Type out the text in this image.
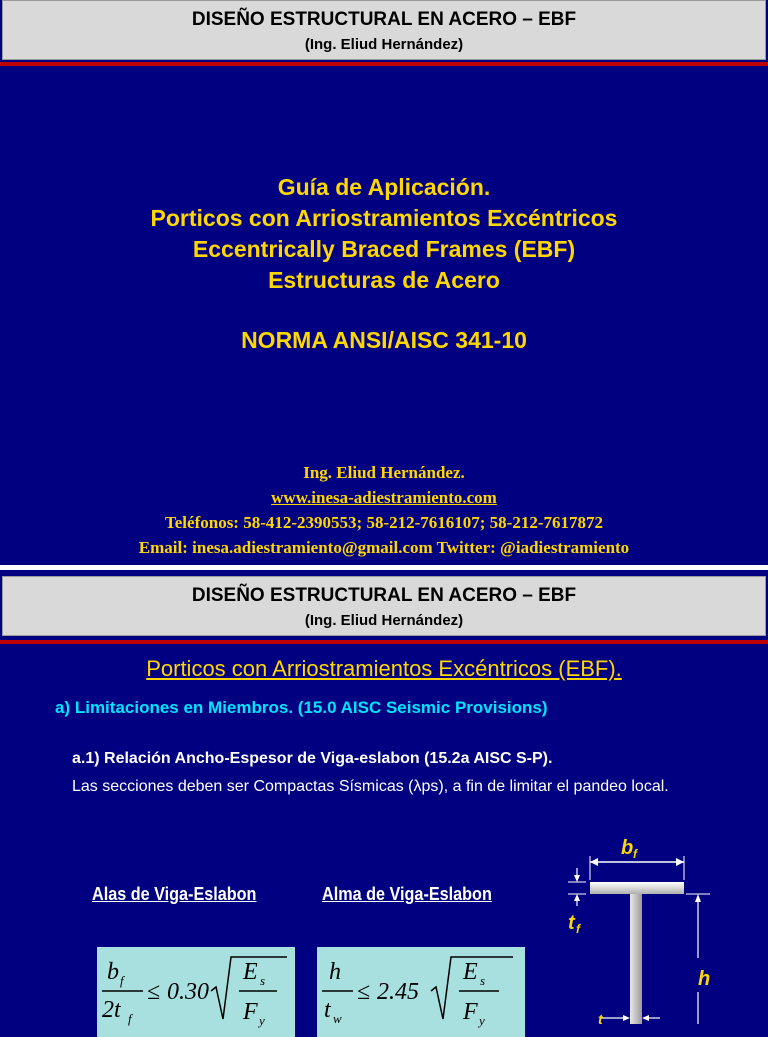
DISEÑO ESTRUCTURAL EN ACERO – EBF
(Ing. Eliud Hernández)
Guía de Aplicación.
Porticos con Arriostramientos Excéntricos
Eccentrically Braced Frames (EBF)
Estructuras de Acero
NORMA ANSI/AISC 341-10
Ing. Eliud Hernández.
www.inesa-adiestramiento.com
Teléfonos: 58-412-2390553; 58-212-7616107; 58-212-7617872
Email: inesa.adiestramiento@gmail.com Twitter: @iadiestramiento
DISEÑO ESTRUCTURAL EN ACERO – EBF
(Ing. Eliud Hernández)
Porticos con Arriostramientos Excéntricos (EBF).
a) Limitaciones en Miembros. (15.0 AISC Seismic Provisions)
a.1) Relación Ancho-Espesor de Viga-eslabon (15.2a AISC S-P).
Las secciones deben ser Compactas Sísmicas (λps), a fin de limitar el pandeo local.
Alas de Viga-Eslabon	Alma de Viga-Eslabon
b f
2t f
≤ 0.30
E s
F y
h
t w
≤ 2.45
E s
F y
b f
t f
h
t
